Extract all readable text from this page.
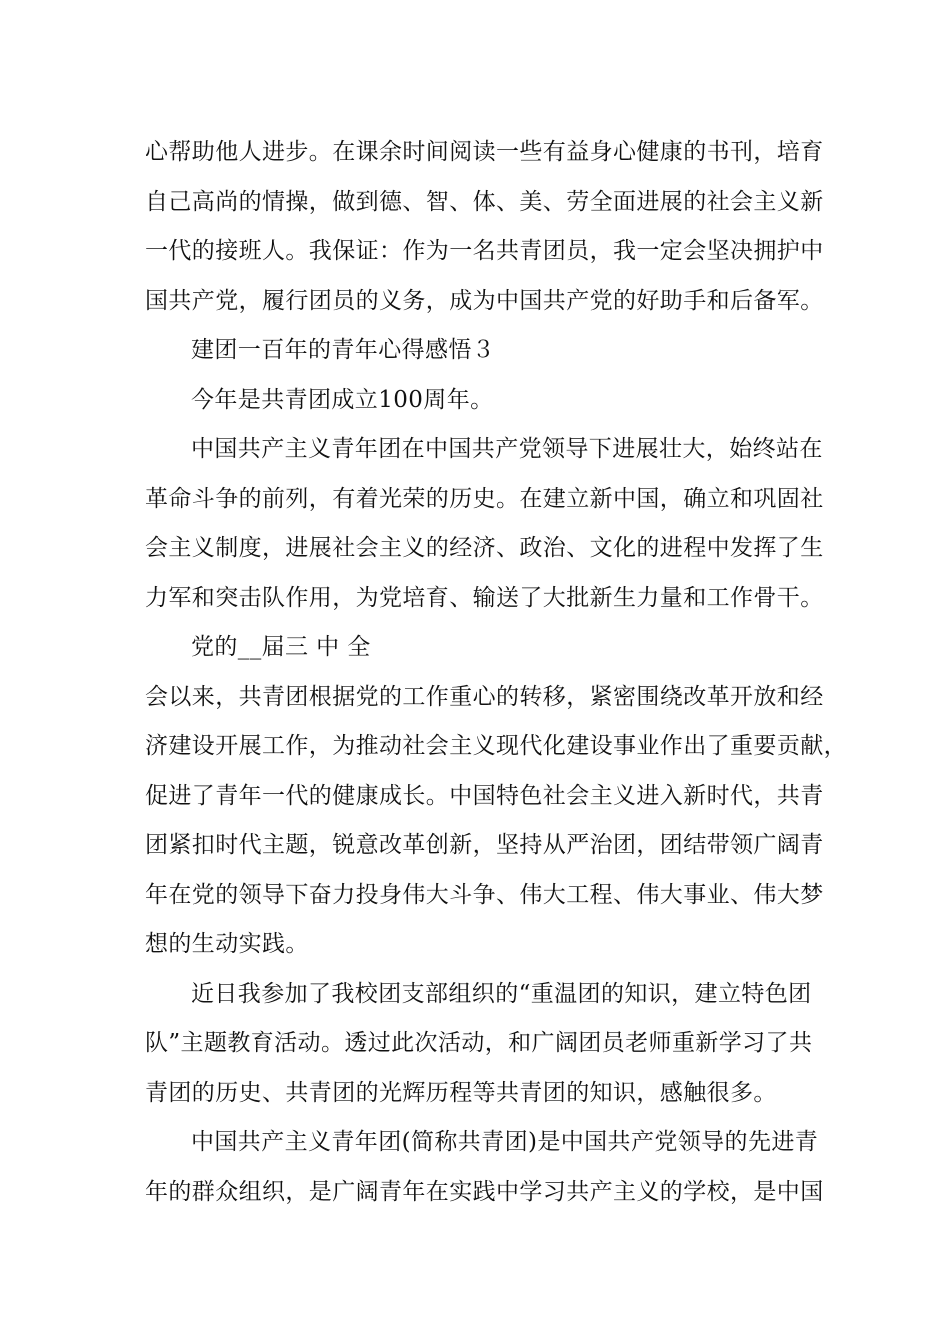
心帮助他人进步。在课余时间阅读一些有益身心健康的书刊，培育
自己高尚的情操，做到德、智、体、美、劳全面进展的社会主义新
一代的接班人。我保证：作为一名共青团员，我一定会坚决拥护中
国共产党，履行团员的义务，成为中国共产党的好助手和后备军。
建团一百年的青年心得感悟３
今年是共青团成立100周年。
中国共产主义青年团在中国共产党领导下进展壮大，始终站在
革命斗争的前列，有着光荣的历史。在建立新中国，确立和巩固社
会主义制度，进展社会主义的经济、政治、文化的进程中发挥了生
力军和突击队作用，为党培育、输送了大批新生力量和工作骨干。
党的__届三 中 全
会以来，共青团根据党的工作重心的转移，紧密围绕改革开放和经
济建设开展工作，为推动社会主义现代化建设事业作出了重要贡献，
促进了青年一代的健康成长。中国特色社会主义进入新时代，共青
团紧扣时代主题，锐意改革创新，坚持从严治团，团结带领广阔青
年在党的领导下奋力投身伟大斗争、伟大工程、伟大事业、伟大梦
想的生动实践。
近日我参加了我校团支部组织的“重温团的知识，建立特色团
队”主题教育活动。透过此次活动，和广阔团员老师重新学习了共
青团的历史、共青团的光辉历程等共青团的知识，感触很多。
中国共产主义青年团(简称共青团)是中国共产党领导的先进青
年的群众组织，是广阔青年在实践中学习共产主义的学校，是中国
